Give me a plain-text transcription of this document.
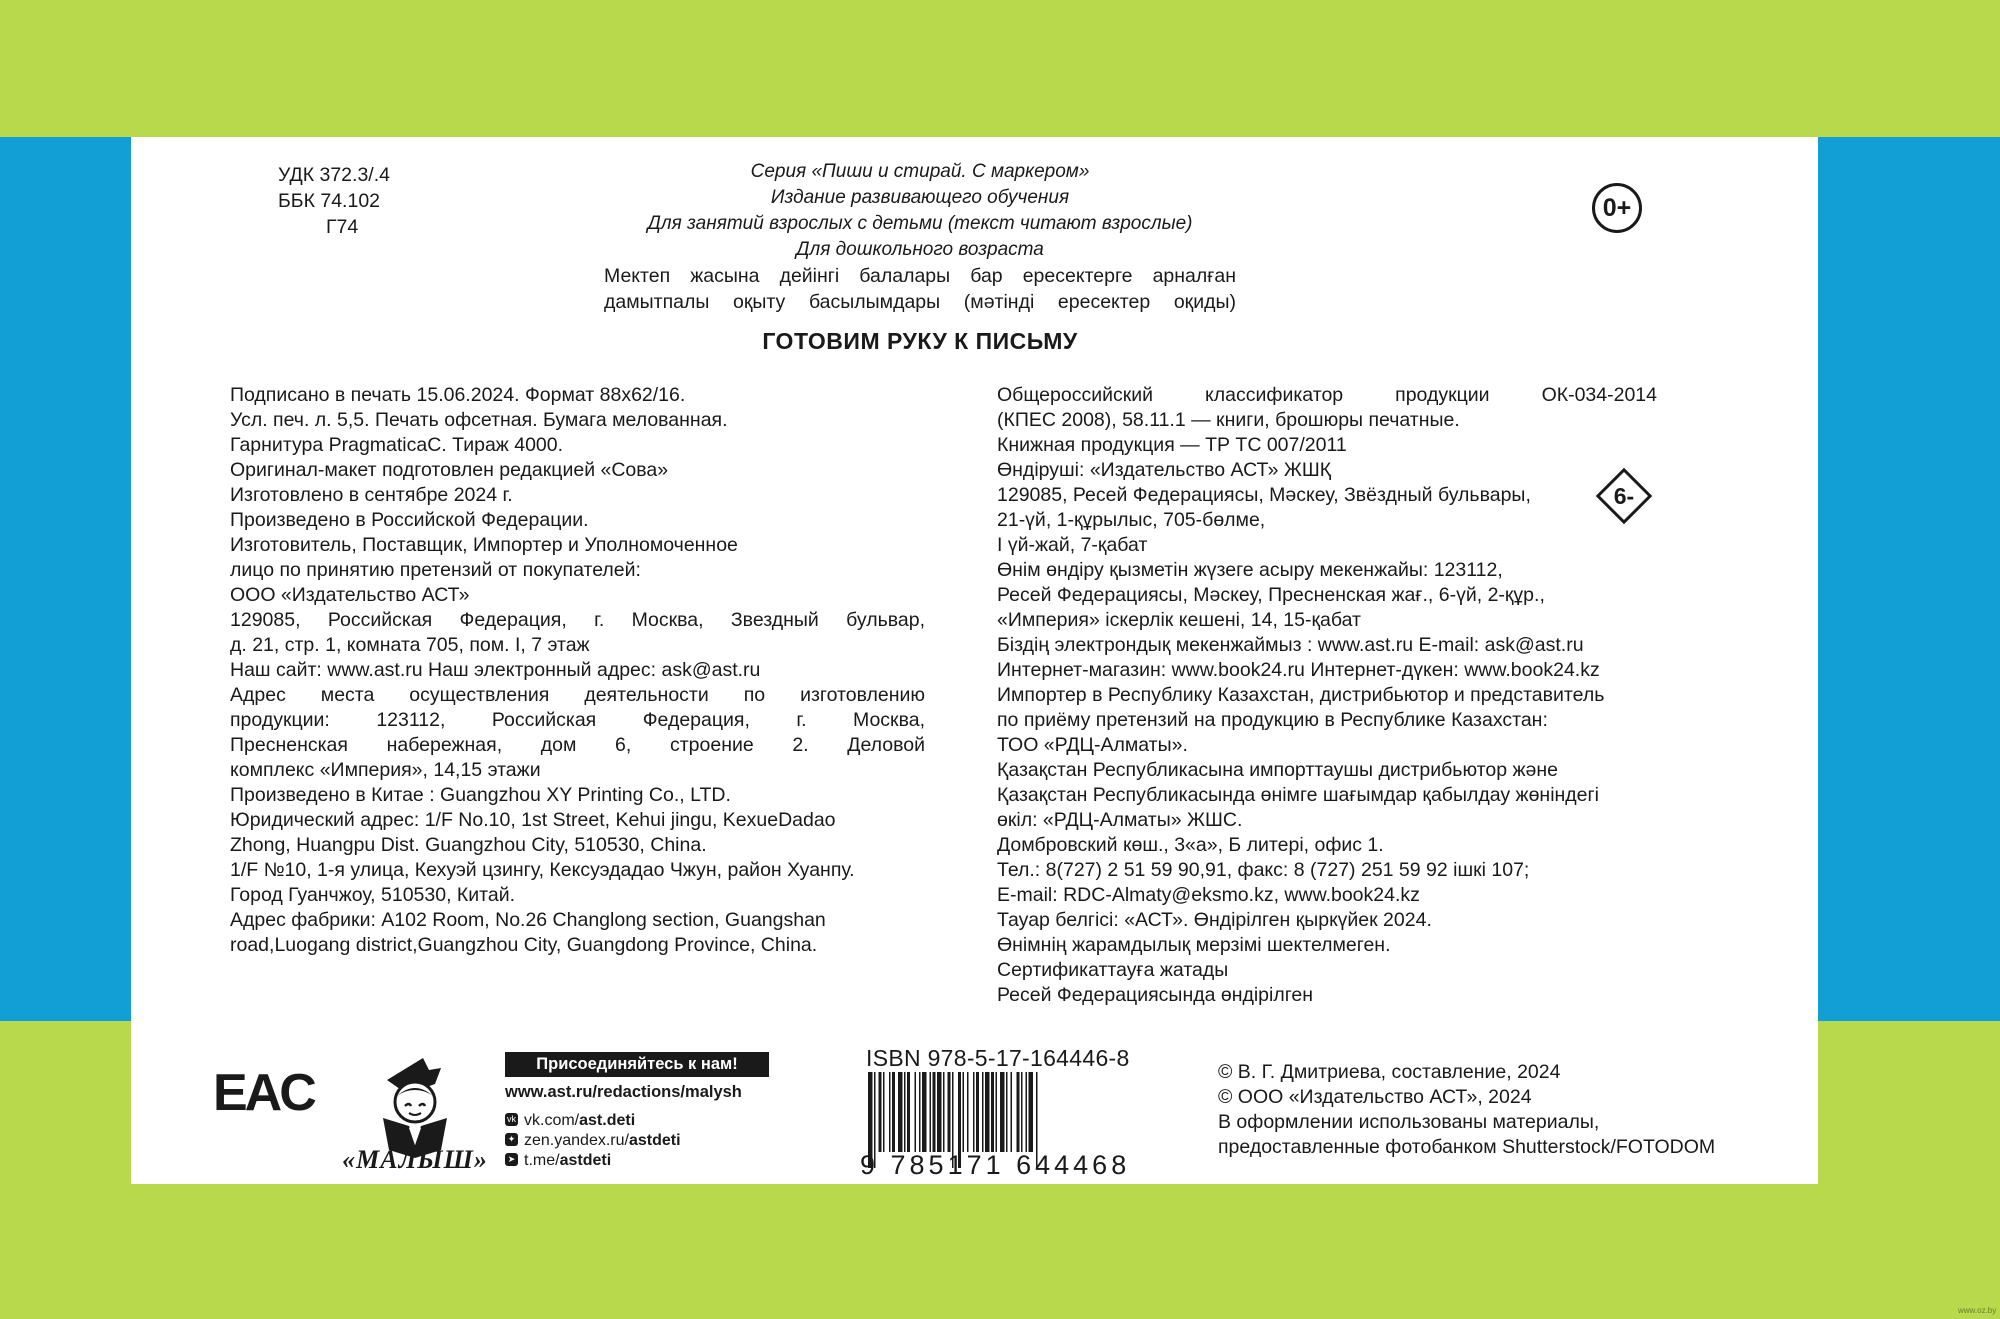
УДК 372.3/.4
ББК 74.102
Г74
Серия «Пиши и стирай. С маркером»
Издание развивающего обучения
Для занятий взрослых с детьми (текст читают взрослые)
Для дошкольного возраста
Мектеп жасына дейінгі балалары бар ересектерге арналған
дамытпалы оқыту басылымдары (мәтінді ересектер оқиды)
ГОТОВИМ РУКУ К ПИСЬМУ
0+
6-
Подписано в печать 15.06.2024. Формат 88x62/16.
Усл. печ. л. 5,5. Печать офсетная. Бумага мелованная.
Гарнитура PragmaticaC. Тираж 4000.
Оригинал-макет подготовлен редакцией «Сова»
Изготовлено в сентябре 2024 г.
Произведено в Российской Федерации.
Изготовитель, Поставщик, Импортер и Уполномоченное
лицо по принятию претензий от покупателей:
ООО «Издательство АСТ»
129085, Российская Федерация, г. Москва, Звездный бульвар,
д. 21, стр. 1, комната 705, пом. I, 7 этаж
Наш сайт: www.ast.ru Наш электронный адрес: ask@ast.ru
Адрес места осуществления деятельности по изготовлению
продукции: 123112, Российская Федерация, г. Москва,
Пресненская набережная, дом 6, строение 2. Деловой
комплекс «Империя», 14,15 этажи
Произведено в Китае : Guangzhou XY Printing Co., LTD.
Юридический адрес: 1/F No.10, 1st Street, Kehui jingu, KexueDadao
Zhong, Huangpu Dist. Guangzhou City, 510530, China.
1/F №10, 1-я улица, Кехуэй цзингу, Кексуэдадао Чжун, район Хуанпу.
Город Гуанчжоу, 510530, Китай.
Адрес фабрики: A102 Room, No.26 Changlong section, Guangshan
road,Luogang district,Guangzhou City, Guangdong Province, China.
Общероссийский классификатор продукции ОК-034-2014
(КПЕС 2008), 58.11.1 — книги, брошюры печатные.
Книжная продукция — ТР ТС 007/2011
Өндіруші: «Издательство АСТ» ЖШҚ
129085, Ресей Федерациясы, Мәскеу, Звёздный бульвары,
21-үй, 1-құрылыс, 705-бөлме,
I үй-жай, 7-қабат
Өнім өндіру қызметін жүзеге асыру мекенжайы: 123112,
Ресей Федерациясы, Мәскеу, Пресненская жағ., 6-үй, 2-құр.,
«Империя» іскерлік кешені, 14, 15-қабат
Біздің электрондық мекенжаймыз : www.ast.ru E-mail: ask@ast.ru
Интернет-магазин: www.book24.ru Интернет-дүкен: www.book24.kz
Импортер в Республику Казахстан, дистрибьютор и представитель
по приёму претензий на продукцию в Республике Казахстан:
ТОО «РДЦ-Алматы».
Қазақстан Республикасына импорттаушы дистрибьютор және
Қазақстан Республикасында өнімге шағымдар қабылдау жөніндегі
өкіл: «РДЦ-Алматы» ЖШС.
Домбровский көш., 3«а», Б литері, офис 1.
Тел.: 8(727) 2 51 59 90,91, факс: 8 (727) 251 59 92 ішкі 107;
E-mail: RDC-Almaty@eksmo.kz, www.book24.kz
Тауар белгісі: «АСТ». Өндірілген қыркүйек 2024.
Өнімнің жарамдылық мерзімі шектелмеген.
Сертификаттауға жатады
Ресей Федерациясында өндірілген
EAC
«МАЛЫШ»
Присоединяйтесь к нам!
www.ast.ru/redactions/malysh
vk vk.com/ast.deti
✦ zen.yandex.ru/astdeti
➤ t.me/astdeti
ISBN 978-5-17-164446-8
9 785171 644468
© В. Г. Дмитриева, составление, 2024
© ООО «Издательство АСТ», 2024
В оформлении использованы материалы,
предоставленные фотобанком Shutterstock/FOTODOM
www.oz.by
